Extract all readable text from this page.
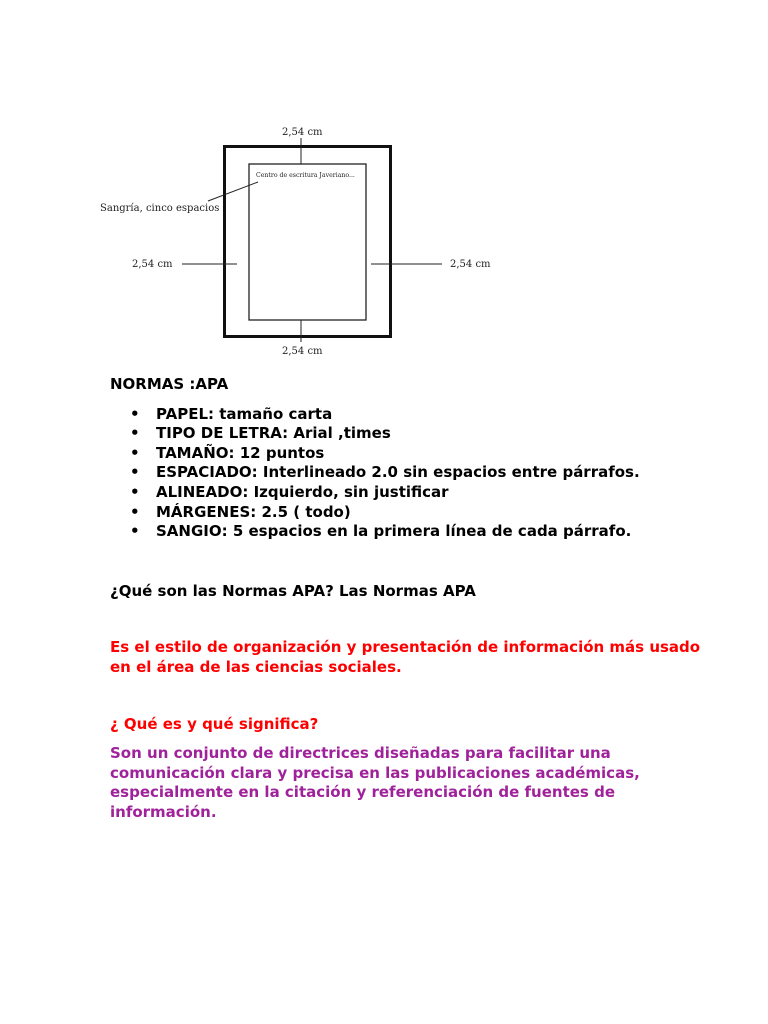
Centro de escritura Javeriano...
2,54 cm
2,54 cm
2,54 cm	2,54 cm
Sangría, cinco espacios
NORMAS :APA
• PAPEL: tamaño carta
• TIPO DE LETRA: Arial ,times
• TAMAÑO: 12 puntos
• ESPACIADO: Interlineado 2.0 sin espacios entre párrafos.
• ALINEADO: Izquierdo, sin justificar
• MÁRGENES: 2.5 ( todo)
• SANGIO: 5 espacios en la primera línea de cada párrafo.
¿Qué son las Normas APA? Las Normas APA
Es el estilo de organización y presentación de información más usado en el área de las ciencias sociales.
¿ Qué es y qué significa?
Son un conjunto de directrices diseñadas para facilitar una comunicación clara y precisa en las publicaciones académicas, especialmente en la citación y referenciación de fuentes de información.
